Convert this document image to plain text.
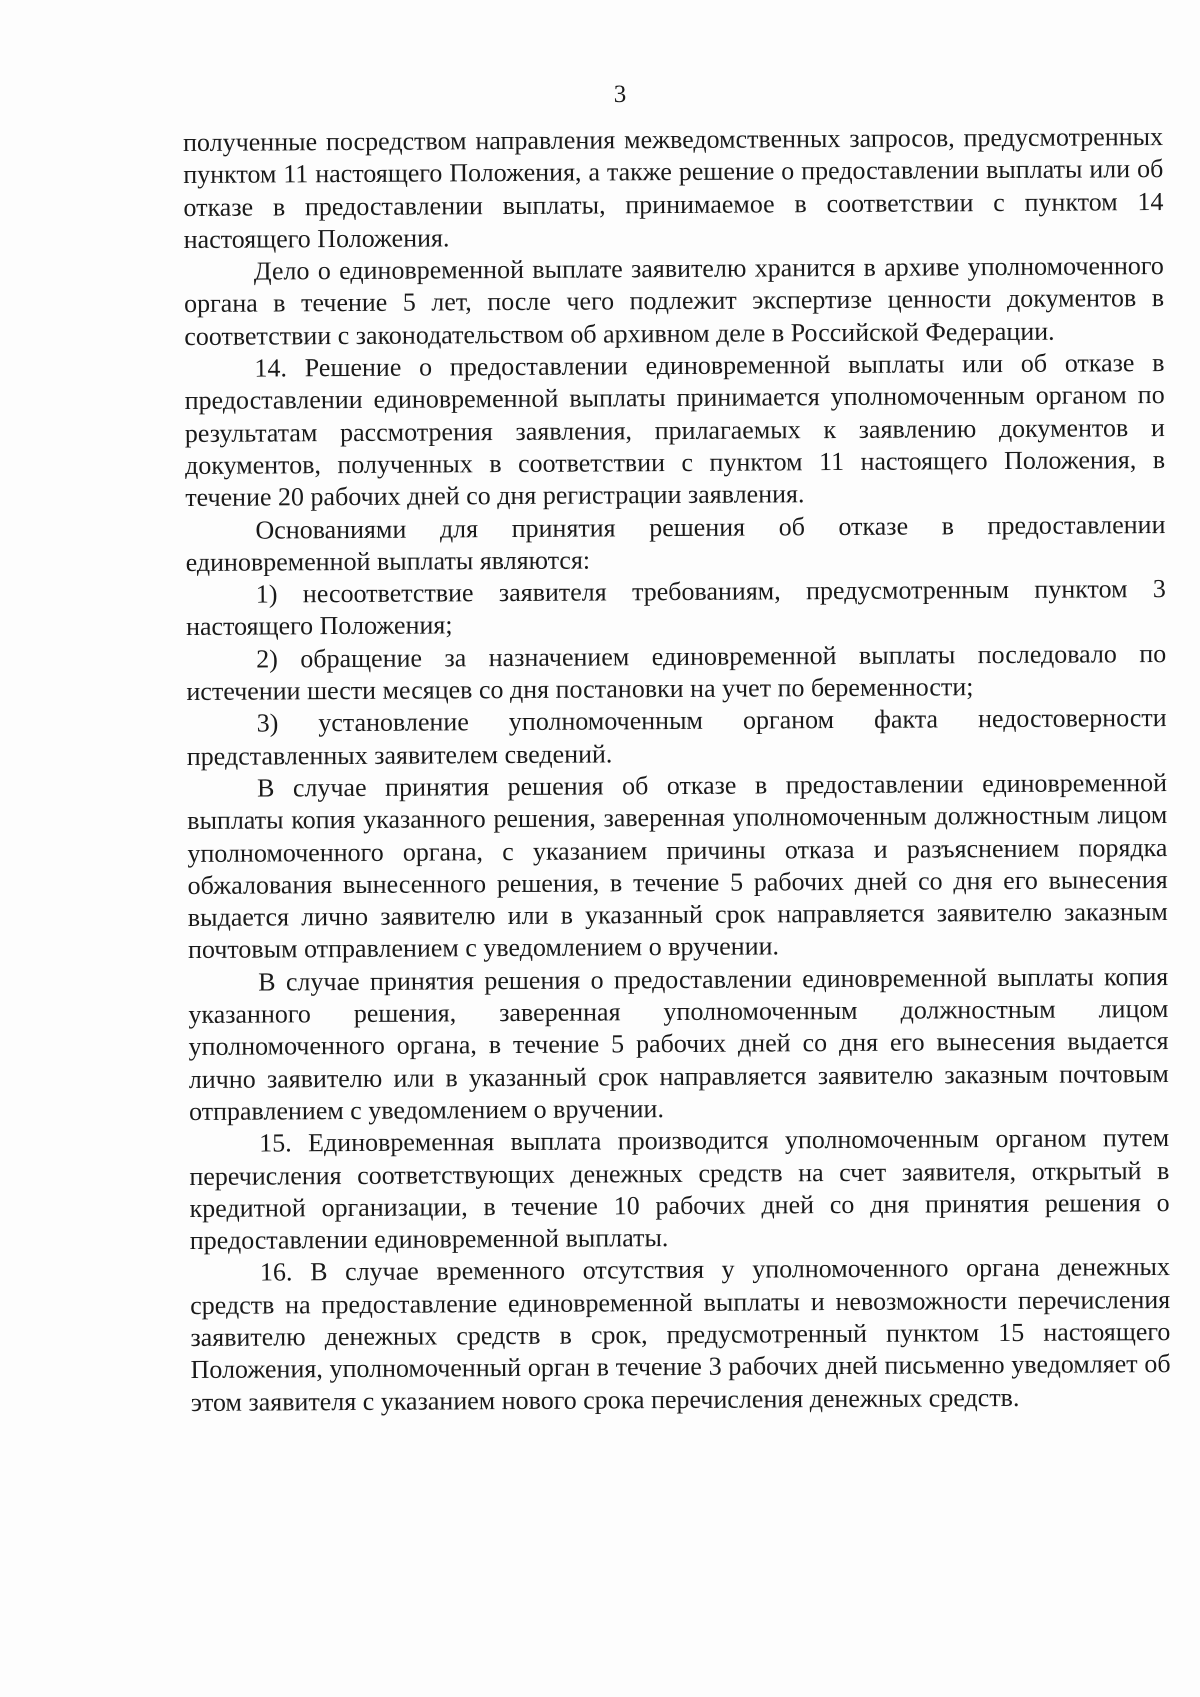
3

полученные посредством направления межведомственных запросов, предусмотренных пунктом 11 настоящего Положения, а также решение о предоставлении выплаты или об отказе в предоставлении выплаты, принимаемое в соответствии с пунктом 14 настоящего Положения.

Дело о единовременной выплате заявителю хранится в архиве уполномоченного органа в течение 5 лет, после чего подлежит экспертизе ценности документов в соответствии с законодательством об архивном деле в Российской Федерации.

14. Решение о предоставлении единовременной выплаты или об отказе в предоставлении единовременной выплаты принимается уполномоченным органом по результатам рассмотрения заявления, прилагаемых к заявлению документов и документов, полученных в соответствии с пунктом 11 настоящего Положения, в течение 20 рабочих дней со дня регистрации заявления.

Основаниями для принятия решения об отказе в предоставлении единовременной выплаты являются:

1) несоответствие заявителя требованиям, предусмотренным пунктом 3 настоящего Положения;

2) обращение за назначением единовременной выплаты последовало по истечении шести месяцев со дня постановки на учет по беременности;

3) установление уполномоченным органом факта недостоверности представленных заявителем сведений.

В случае принятия решения об отказе в предоставлении единовременной выплаты копия указанного решения, заверенная уполномоченным должностным лицом уполномоченного органа, с указанием причины отказа и разъяснением порядка обжалования вынесенного решения, в течение 5 рабочих дней со дня его вынесения выдается лично заявителю или в указанный срок направляется заявителю заказным почтовым отправлением с уведомлением о вручении.

В случае принятия решения о предоставлении единовременной выплаты копия указанного решения, заверенная уполномоченным должностным лицом уполномоченного органа, в течение 5 рабочих дней со дня его вынесения выдается лично заявителю или в указанный срок направляется заявителю заказным почтовым отправлением с уведомлением о вручении.

15. Единовременная выплата производится уполномоченным органом путем перечисления соответствующих денежных средств на счет заявителя, открытый в кредитной организации, в течение 10 рабочих дней со дня принятия решения о предоставлении единовременной выплаты.

16. В случае временного отсутствия у уполномоченного органа денежных средств на предоставление единовременной выплаты и невозможности перечисления заявителю денежных средств в срок, предусмотренный пунктом 15 настоящего Положения, уполномоченный орган в течение 3 рабочих дней письменно уведомляет об этом заявителя с указанием нового срока перечисления денежных средств.
